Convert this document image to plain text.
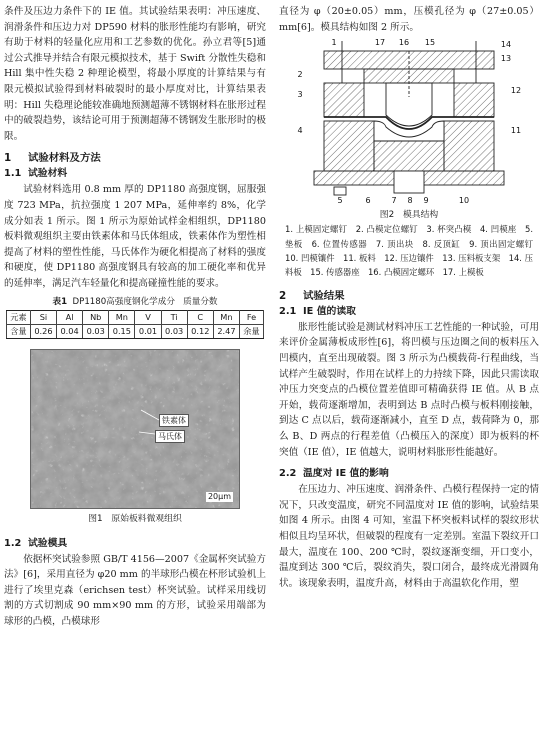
条件及压边力条件下的 IE 值。其试验结果表明：冲压速度、润滑条件和压边力对 DP590 材料的胀形性能均有影响，研究有助于材料的轻量化应用和工艺参数的优化。孙立君等[5]通过公式推导并结合有限元模拟技术，基于 Swift 分散性失稳和 Hill 集中性失稳 2 种理论模型，将最小厚度的计算结果与有限元模拟试验得到材料破裂时的最小厚度对比，计算结果表明：Hill 失稳理论能较准确地预测超薄不锈钢材料在胀形过程中的破裂趋势，该结论可用于预测超薄不锈钢发生胀形时的极限。

1 试验材料及方法
1.1 试验材料

试验材料选用 0.8 mm 厚的 DP1180 高强度钢，屈服强度 723 MPa，抗拉强度 1 207 MPa，延伸率约 8%，化学成分如表 1 所示。图 1 所示为原始试样金相组织，DP1180 板料微观组织主要由铁素体和马氏体组成，铁素体作为塑性相提高了材料的塑性性能，马氏体作为硬化相提高了材料的强度和硬度，使 DP1180 高强度钢具有较高的加工硬化率和优异的延伸率，满足汽车轻量化和提高碰撞性能的要求。

表1 DP1180高强度钢化学成分 质量分数
元素	Si	Al	Nb	Mn	V	Ti	C	Mn	Fe
含量	0.26	0.04	0.03	0.15	0.01	0.03	0.12	2.47	余量
铁素体
马氏体
20μm
图1　原始板料微观组织
1.2 试验模具

依据杯突试验参照 GB/T 4156—2007《金属杯突试验方法》[6]，采用直径为 φ20 mm 的半球形凸模在杯形试验机上进行了埃里克森（erichsen test）杯突试验。试样采用线切割的方式切割成 90 mm×90 mm 的方形，试验采用端部为球形的凸模，凸模球形

直径为 φ（20±0.05）mm，压模孔径为 φ（27±0.05）mm[6]。模具结构如图 2 所示。

1	17 16 15	14
13
2
3
4
12
11
5	6	7 8 9	10
图2　模具结构

1. 上模固定螺钉　2. 凸模定位螺钉　3. 杯突凸模　4. 凹模座　5. 垫板　6. 位置传感器　7. 顶出块　8. 反顶缸　9. 顶出固定螺钉　10. 凹模镶件　11. 板料　12. 压边镶件　13. 压料板支架　14. 压料板　15. 传感器座　16. 凸模固定螺环　17. 上模板

2 试验结果
2.1 IE 值的读取

胀形性能试验是测试材料冲压工艺性能的一种试验，可用来评价金属薄板成形性[6]，将凹模与压边圈之间的板料压入凹模内，直至出现破裂。图 3 所示为凸模载荷-行程曲线，当试样产生破裂时，作用在试样上的力持续下降，因此只需读取冲压力突变点的凸模位置差值即可精确获得 IE 值。从 B 点开始，载荷逐渐增加，表明到达 B 点时凸模与板料刚接触，到达 C 点以后，载荷逐渐减小，直至 D 点，载荷降为 0，那么 B、D 两点的行程差值（凸模压入的深度）即为板料的杯突值（IE 值），IE 值越大，说明材料胀形性能越好。

2.2 温度对 IE 值的影响

在压边力、冲压速度、润滑条件、凸模行程保持一定的情况下，只改变温度，研究不同温度对 IE 值的影响，试验结果如图 4 所示。由图 4 可知，室温下杯突板料试样的裂纹形状相似且均呈环状，但破裂的程度有一定差别。室温下裂纹开口最大，温度在 100、200 ℃时，裂纹逐渐变细，开口变小，温度到达 300 ℃后，裂纹消失，裂口闭合，最终成光滑圆角状。该现象表明，温度升高，材料由于高温软化作用，塑
